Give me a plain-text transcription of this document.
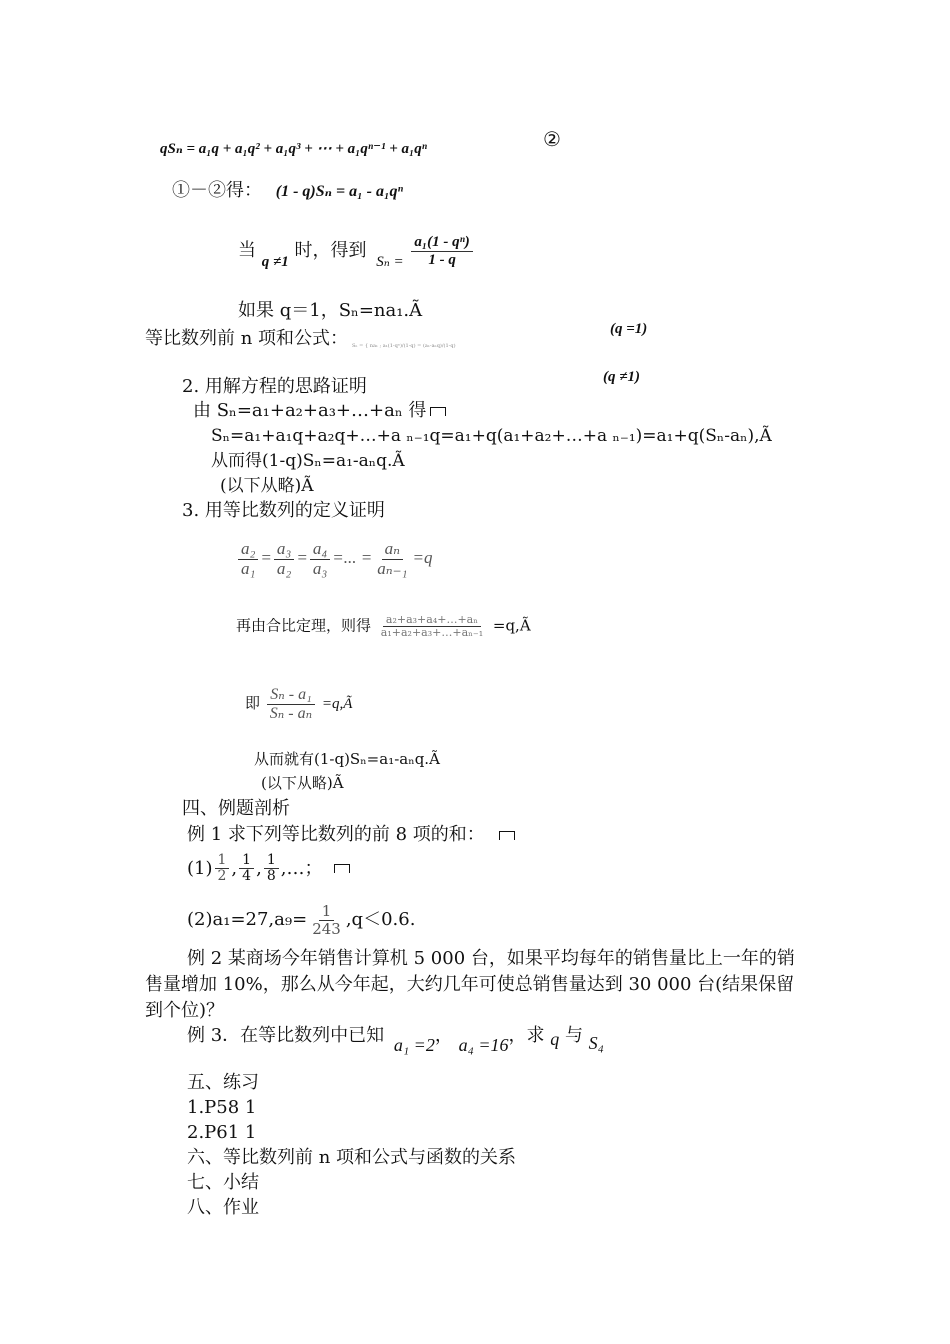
qSₙ = a₁q + a₁q² + a₁q³ + ⋯ + a₁qⁿ⁻¹ + a₁qⁿ	②
①－②得： (1 - q)Sₙ = a₁ - a₁qⁿ
当 $_{q \ne 1}$ 时，得到 $_{S_n =} \frac{\text{a₁(1 - qⁿ)}}{1 - q}$
如果 q＝1，Sₙ=na₁.Ã
等比数列前 n 项和公式： Sₙ = { na₁ ; a₁(1-qⁿ)/(1-q) = (a₁-aₙq)/(1-q)
(q =1)
(q ≠1)
2. 用解方程的思路证明
由 Sₙ=a₁+a₂+a₃+…+aₙ 得
Sₙ=a₁+a₁q+a₂q+…+a ₙ₋₁q=a₁+q(a₁+a₂+…+a ₙ₋₁)=a₁+q(Sₙ-aₙ),Ã
从而得(1-q)Sₙ=a₁-aₙq.Ã
(以下从略)Ã
3. 用等比数列的定义证明
$\frac{\text{a₂}}{\text{a₁}} = \frac{\text{a₃}}{\text{a₂}} = \frac{\text{a₄}}{\text{a₃}}$ =... = $\frac{\text{aₙ}}{\text{aₙ₋₁}} =q$
再由合比定理，则得 $\frac{\text{a₂+a₃+a₄+…+aₙ}}{\text{a₁+a₂+a₃+…+aₙ₋₁}}$ =q,Ã
即 $\frac{\text{Sₙ - a₁}}{\text{Sₙ - aₙ}}$ =q,Ã
从而就有(1-q)Sₙ=a₁-aₙq.Ã
(以下从略)Ã
四、例题剖析
例 1 求下列等比数列的前 8 项的和：
$(1) \frac{1}{2}$ , $\frac{1}{4}$ , $\frac{1}{8}$ ,…；
$(2)a_1=27,a_9= \frac{1}{243} ,q<0.6$.
例 2 某商场今年销售计算机 5 000 台，如果平均每年的销售量比上一年的销售量增加 10%，那么从今年起，大约几年可使总销售量达到 30 000 台(结果保留到个位)？
例 3．在等比数列中已知 a₁ =2， a₄ =16，求 q 与 S₄
五、练习
1.P58 1
2.P61 1
六、等比数列前 n 项和公式与函数的关系
七、小结
八、作业
